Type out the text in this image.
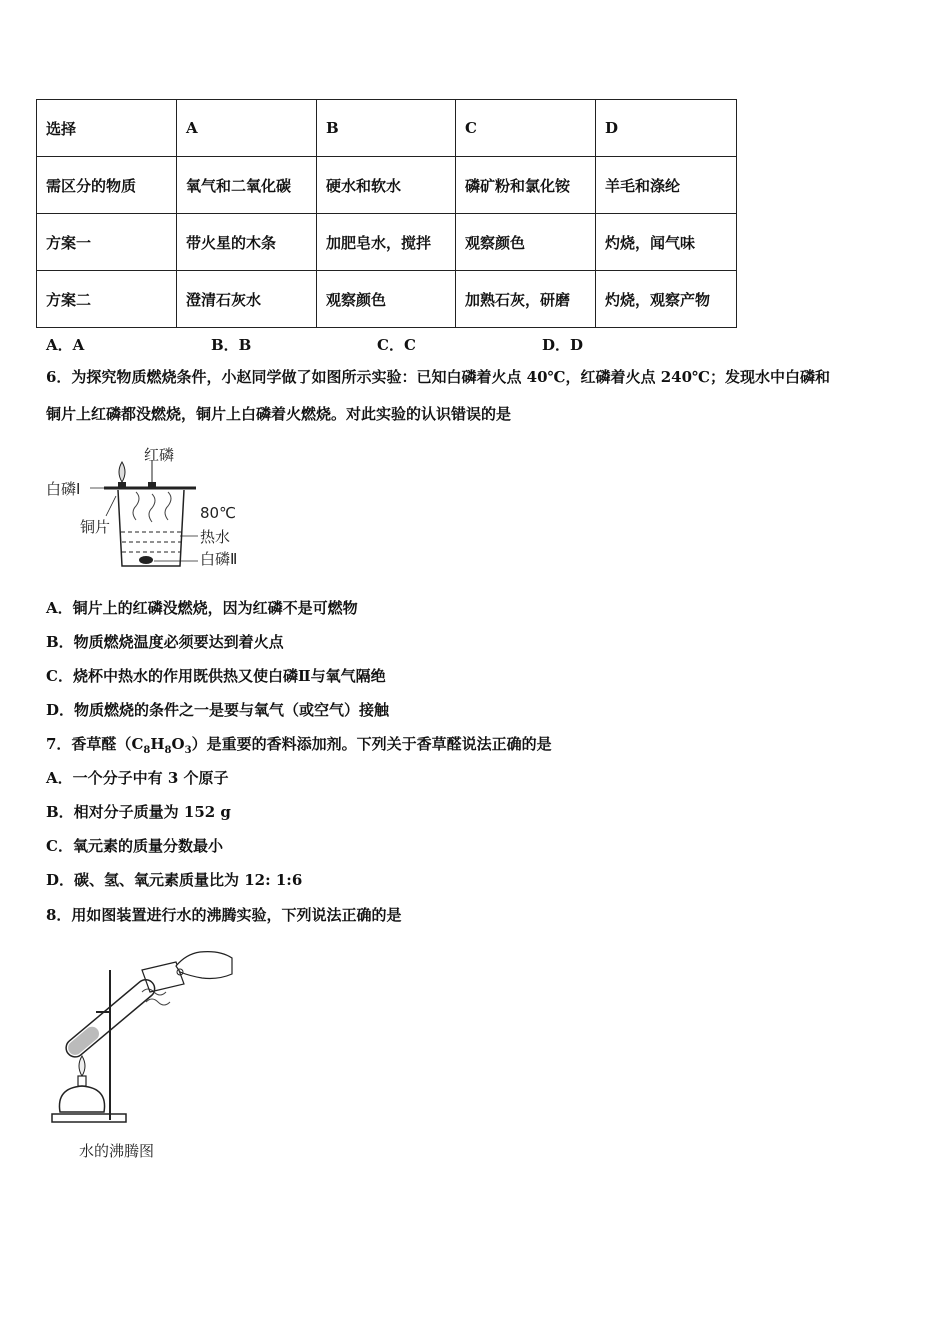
选择	A	B	C	D
需区分的物质	氧气和二氧化碳	硬水和软水	磷矿粉和氯化铵	羊毛和涤纶
方案一	带火星的木条	加肥皂水，搅拌	观察颜色	灼烧，闻气味
方案二	澄清石灰水	观察颜色	加熟石灰，研磨	灼烧，观察产物
A．A	B．B	C．C	D．D
6．为探究物质燃烧条件，小赵同学做了如图所示实验：已知白磷着火点 40℃，红磷着火点 240℃；发现水中白磷和
铜片上红磷都没燃烧，铜片上白磷着火燃烧。对此实验的认识错误的是
红磷
白磷Ⅰ
铜片
80℃
热水
白磷Ⅱ
A．铜片上的红磷没燃烧，因为红磷不是可燃物
B．物质燃烧温度必须要达到着火点
C．烧杯中热水的作用既供热又使白磷Ⅱ与氧气隔绝
D．物质燃烧的条件之一是要与氧气（或空气）接触
7．香草醛$(C_8H_8O_3)$是重要的香料添加剂。下列关于香草醛说法正确的是
A．一个分子中有 3 个原子
B．相对分子质量为 152 g
C．氧元素的质量分数最小
D．碳、氢、氧元素质量比为 12: 1:6
8．用如图装置进行水的沸腾实验，下列说法正确的是
水的沸腾图
